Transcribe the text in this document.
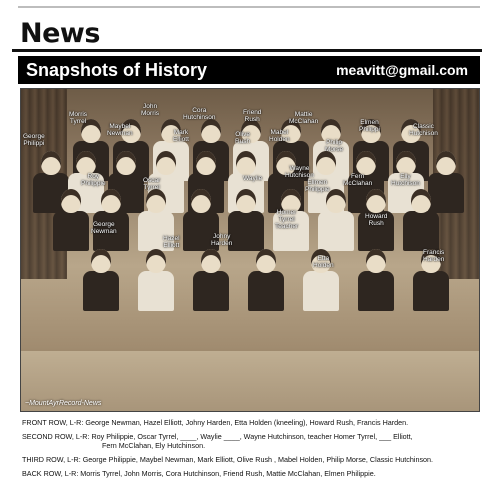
News
Snapshots of History	meavitt@gmail.com
George
Philippi
Morris
Tyrrel
John
Morris
Maybel
Newman
Cora
Hutchinson
Mark
Elliott
Friend
Rush
Mattie
McClahan
Olive
Rush
Mabel
Holden	Philip
Morse
Elmen
Philippi	Classic
Hutchison
Roy
Philippie	Oscar
Tyrrel
Waylie
Wayne
Hutchison	Fern
McClahan
Elly
Hutchison
Ellmen
Philippie
Howard
Rush
George
Newman
Hazel
Elliott
Johny
Harden
Homer
Tyrrel
Teacher
Etta
Holden
Francis
Harden
~MountAyrRecord-News

FRONT ROW, L-R: George Newman, Hazel Elliott, Johny Harden, Etta Holden (kneeling), Howard Rush, Francis Harden.

SECOND ROW, L-R: Roy Philippie, Oscar Tyrrel, ____, Waylie ____, Wayne Hutchinson, teacher Homer Tyrrel, ___ Elliott,
Fern McClahan, Ely Hutchinson.

THIRD ROW, L-R: George Philippie, Maybel Newman, Mark Elliott, Olive Rush , Mabel Holden, Philip Morse, Classic Hutchinson.

BACK ROW, L-R: Morris Tyrrel, John Morris, Cora Hutchinson, Friend Rush, Mattie McClahan, Elmen Philippie.
